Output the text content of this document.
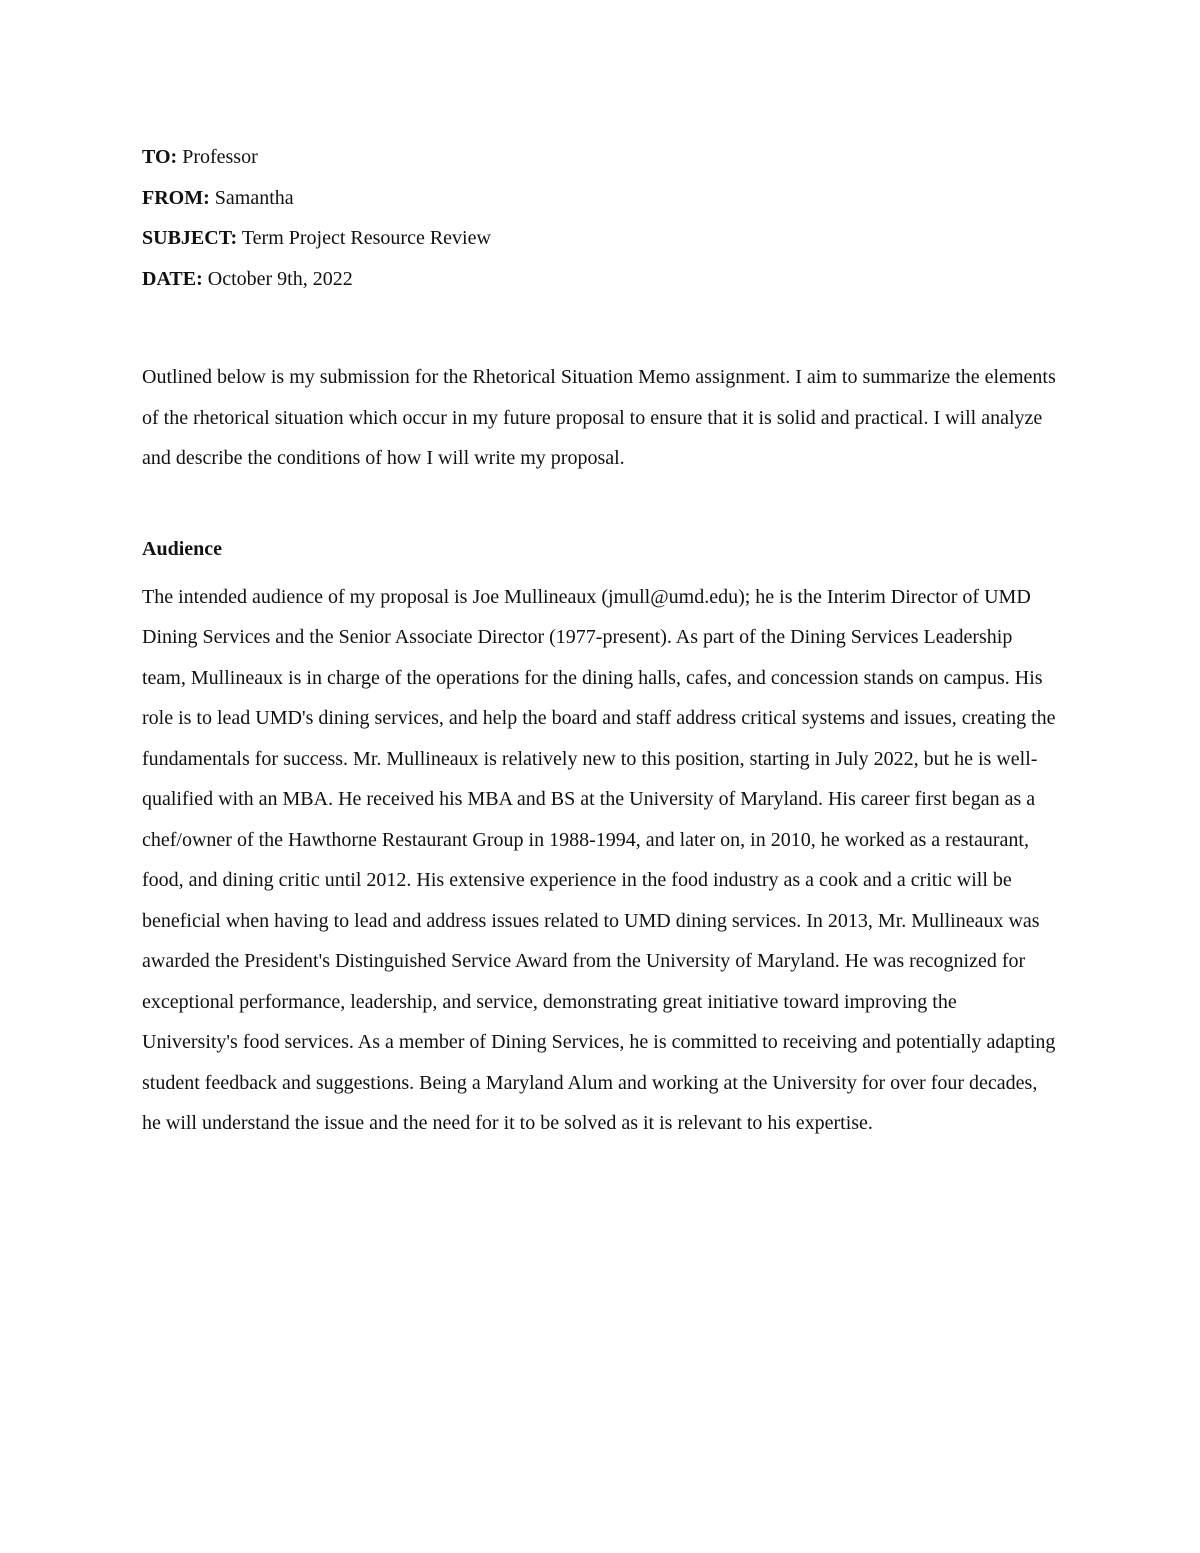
TO: Professor
FROM: Samantha
SUBJECT: Term Project Resource Review
DATE: October 9th, 2022

Outlined below is my submission for the Rhetorical Situation Memo assignment. I aim to summarize the elements of the rhetorical situation which occur in my future proposal to ensure that it is solid and practical. I will analyze and describe the conditions of how I will write my proposal.

Audience

The intended audience of my proposal is Joe Mullineaux (jmull@umd.edu); he is the Interim Director of UMD Dining Services and the Senior Associate Director (1977-present). As part of the Dining Services Leadership team, Mullineaux is in charge of the operations for the dining halls, cafes, and concession stands on campus. His role is to lead UMD's dining services, and help the board and staff address critical systems and issues, creating the fundamentals for success. Mr. Mullineaux is relatively new to this position, starting in July 2022, but he is well-qualified with an MBA. He received his MBA and BS at the University of Maryland. His career first began as a chef/owner of the Hawthorne Restaurant Group in 1988-1994, and later on, in 2010, he worked as a restaurant, food, and dining critic until 2012. His extensive experience in the food industry as a cook and a critic will be beneficial when having to lead and address issues related to UMD dining services. In 2013, Mr. Mullineaux was awarded the President's Distinguished Service Award from the University of Maryland. He was recognized for exceptional performance, leadership, and service, demonstrating great initiative toward improving the University's food services. As a member of Dining Services, he is committed to receiving and potentially adapting student feedback and suggestions. Being a Maryland Alum and working at the University for over four decades, he will understand the issue and the need for it to be solved as it is relevant to his expertise.
